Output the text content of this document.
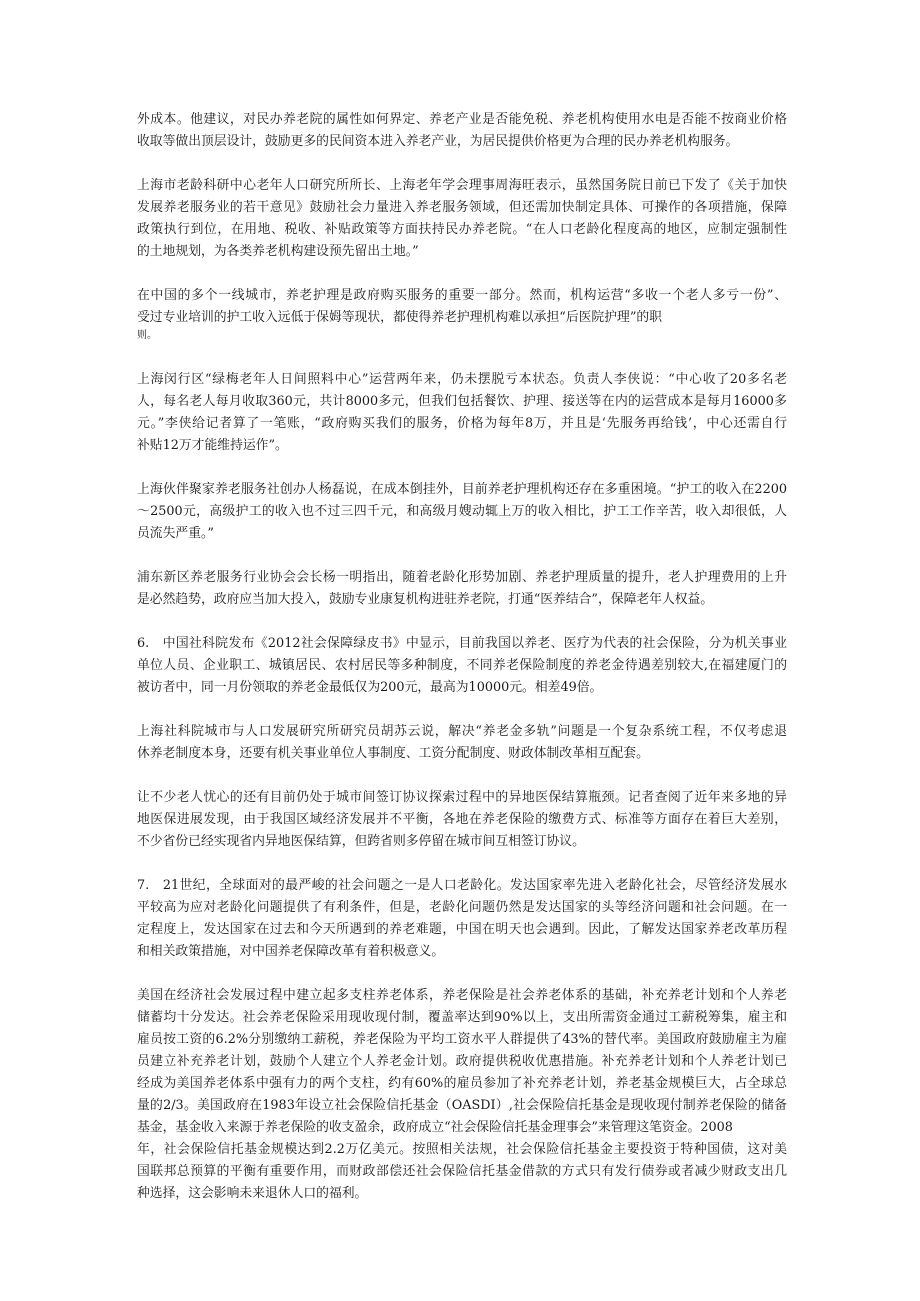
外成本。他建议，对民办养老院的属性如何界定、养老产业是否能免税、养老机构使用水电是否能不按商业价格
收取等做出顶层设计，鼓励更多的民间资本进入养老产业，为居民提供价格更为合理的民办养老机构服务。
上海市老龄科研中心老年人口研究所所长、上海老年学会理事周海旺表示，虽然国务院日前已下发了《关于加快
发展养老服务业的若干意见》鼓励社会力量进入养老服务领域，但还需加快制定具体、可操作的各项措施，保障
政策执行到位，在用地、税收、补贴政策等方面扶持民办养老院。“在人口老龄化程度高的地区，应制定强制性
的土地规划，为各类养老机构建设预先留出土地。”
在中国的多个一线城市，养老护理是政府购买服务的重要一部分。然而，机构运营“多收一个老人多亏一份”、
受过专业培训的护工收入远低于保姆等现状，都使得养老护理机构难以承担“后医院护理”的职
则。
上海闵行区“绿梅老年人日间照料中心”运营两年来，仍未摆脱亏本状态。负责人李侠说：“中心收了20多名老
人，每名老人每月收取360元，共计8000多元，但我们包括餐饮、护理、接送等在内的运营成本是每月16000多
元。”李侠给记者算了一笔账，“政府购买我们的服务，价格为每年8万，并且是‘先服务再给钱’，中心还需自行
补贴12万才能维持运作”。
上海伙伴聚家养老服务社创办人杨磊说，在成本倒挂外，目前养老护理机构还存在多重困境。“护工的收入在2200
～2500元，高级护工的收入也不过三四千元，和高级月嫂动辄上万的收入相比，护工工作辛苦，收入却很低，人
员流失严重。”
浦东新区养老服务行业协会会长杨一明指出，随着老龄化形势加剧、养老护理质量的提升，老人护理费用的上升
是必然趋势，政府应当加大投入，鼓励专业康复机构进驻养老院，打通“医养结合”，保障老年人权益。
6.　中国社科院发布《2012社会保障绿皮书》中显示，目前我国以养老、医疗为代表的社会保险，分为机关事业
单位人员、企业职工、城镇居民、农村居民等多种制度，不同养老保险制度的养老金待遇差别较大,在福建厦门的
被访者中，同一月份领取的养老金最低仅为200元，最高为10000元。相差49倍。
上海社科院城市与人口发展研究所研究员胡苏云说，解决“养老金多轨”问题是一个复杂系统工程，不仅考虑退
休养老制度本身，还要有机关事业单位人事制度、工资分配制度、财政体制改革相互配套。
让不少老人忧心的还有目前仍处于城市间签订协议探索过程中的异地医保结算瓶颈。记者查阅了近年来多地的异
地医保进展发现，由于我国区域经济发展并不平衡，各地在养老保险的缴费方式、标准等方面存在着巨大差别，
不少省份已经实现省内异地医保结算，但跨省则多停留在城市间互相签订协议。
7.　21世纪，全球面对的最严峻的社会问题之一是人口老龄化。发达国家率先进入老龄化社会，尽管经济发展水
平较高为应对老龄化问题提供了有利条件，但是，老龄化问题仍然是发达国家的头等经济问题和社会问题。在一
定程度上，发达国家在过去和今天所遇到的养老难题，中国在明天也会遇到。因此，了解发达国家养老改革历程
和相关政策措施，对中国养老保障改革有着积极意义。
美国在经济社会发展过程中建立起多支柱养老体系，养老保险是社会养老体系的基础，补充养老计划和个人养老
储蓄均十分发达。社会养老保险采用现收现付制，覆盖率达到90%以上，支出所需资金通过工薪税筹集，雇主和
雇员按工资的6.2%分别缴纳工薪税，养老保险为平均工资水平人群提供了43%的替代率。美国政府鼓励雇主为雇
员建立补充养老计划，鼓励个人建立个人养老金计划。政府提供税收优惠措施。补充养老计划和个人养老计划已
经成为美国养老体系中强有力的两个支柱，约有60%的雇员参加了补充养老计划，养老基金规模巨大，占全球总
量的2/3。美国政府在1983年设立社会保险信托基金（OASDI）,社会保险信托基金是现收现付制养老保险的储备
基金，基金收入来源于养老保险的收支盈余，政府成立“社会保险信托基金理事会”来管理这笔资金。2008
年，社会保险信托基金规模达到2.2万亿美元。按照相关法规，社会保险信托基金主要投资于特种国债，这对美
国联邦总预算的平衡有重要作用，而财政部偿还社会保险信托基金借款的方式只有发行债券或者减少财政支出几
种选择，这会影响未来退休人口的福利。
